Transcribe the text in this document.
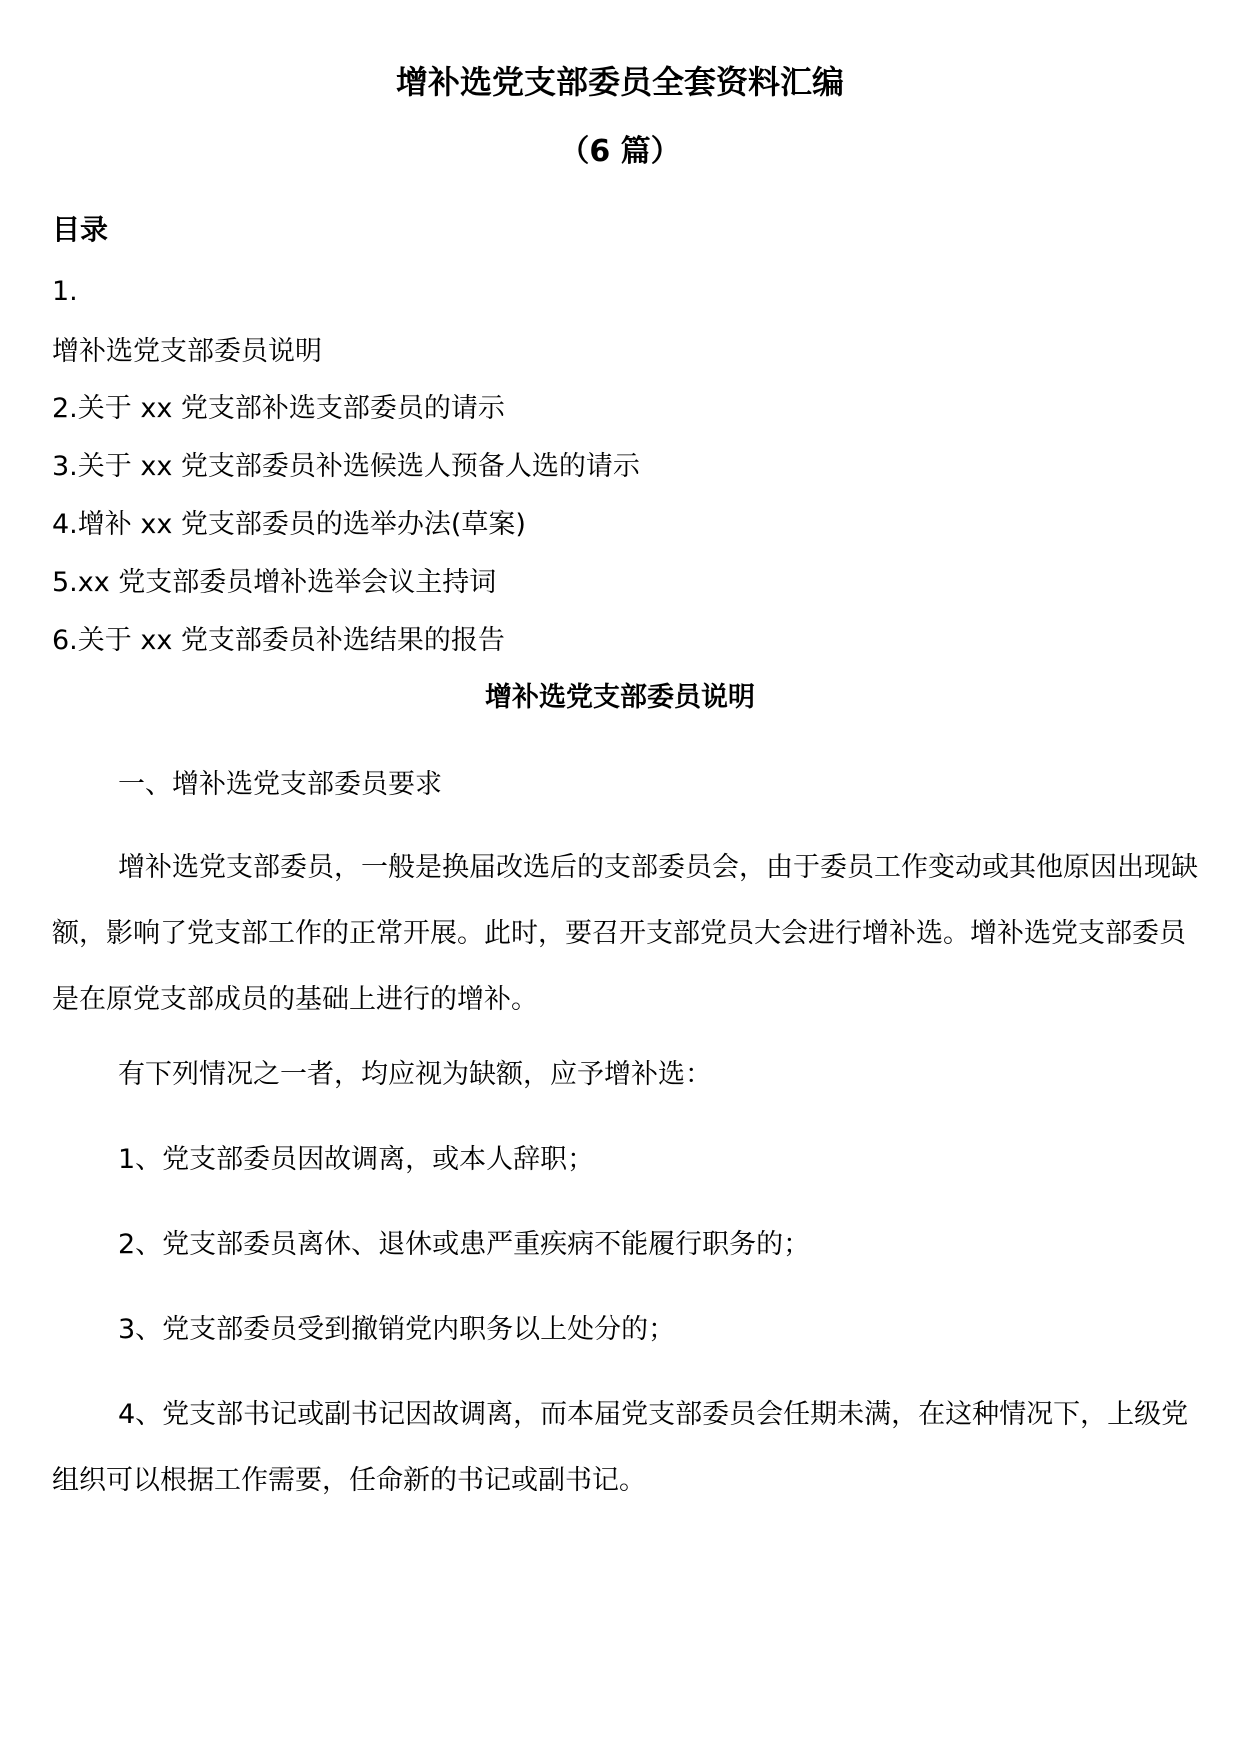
增补选党支部委员全套资料汇编
（6 篇）
目录
1.
增补选党支部委员说明
2.关于 xx 党支部补选支部委员的请示
3.关于 xx 党支部委员补选候选人预备人选的请示
4.增补 xx 党支部委员的选举办法(草案)
5.xx 党支部委员增补选举会议主持词
6.关于 xx 党支部委员补选结果的报告
增补选党支部委员说明
一、增补选党支部委员要求
增补选党支部委员，一般是换届改选后的支部委员会，由于委员工作变动或其他原因出现缺额，影响了党支部工作的正常开展。此时，要召开支部党员大会进行增补选。增补选党支部委员是在原党支部成员的基础上进行的增补。
有下列情况之一者，均应视为缺额，应予增补选：
1、党支部委员因故调离，或本人辞职；
2、党支部委员离休、退休或患严重疾病不能履行职务的；
3、党支部委员受到撤销党内职务以上处分的；
4、党支部书记或副书记因故调离，而本届党支部委员会任期未满，在这种情况下，上级党组织可以根据工作需要，任命新的书记或副书记。
